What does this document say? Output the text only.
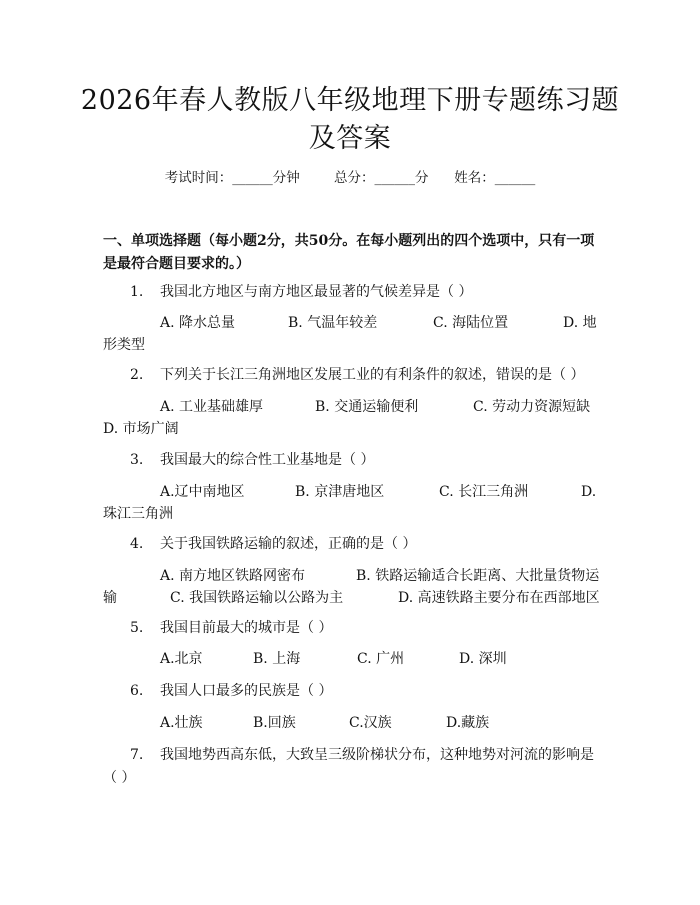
2026年春人教版八年级地理下册专题练习题
及答案
考试时间：______分钟	总分：______分 姓名：______
一、单项选择题（每小题2分，共50分。在每小题列出的四个选项中，只有一项
是最符合题目要求的。）
1. 我国北方地区与南方地区最显著的气候差异是（ ）
A. 降水总量	B. 气温年较差	C. 海陆位置	D. 地
形类型
2. 下列关于长江三角洲地区发展工业的有利条件的叙述，错误的是（ ）
A. 工业基础雄厚	B. 交通运输便利	C. 劳动力资源短缺
D. 市场广阔
3. 我国最大的综合性工业基地是（ ）
A.辽中南地区	B. 京津唐地区	C. 长江三角洲	D.
珠江三角洲
4. 关于我国铁路运输的叙述，正确的是（ ）
A. 南方地区铁路网密布	B. 铁路运输适合长距离、大批量货物运
输	C. 我国铁路运输以公路为主	D. 高速铁路主要分布在西部地区
5. 我国目前最大的城市是（ ）
A.北京	B. 上海	C. 广州	D. 深圳
6. 我国人口最多的民族是（ ）
A.壮族	B.回族	C.汉族	D.藏族
7. 我国地势西高东低，大致呈三级阶梯状分布，这种地势对河流的影响是
（ ）
